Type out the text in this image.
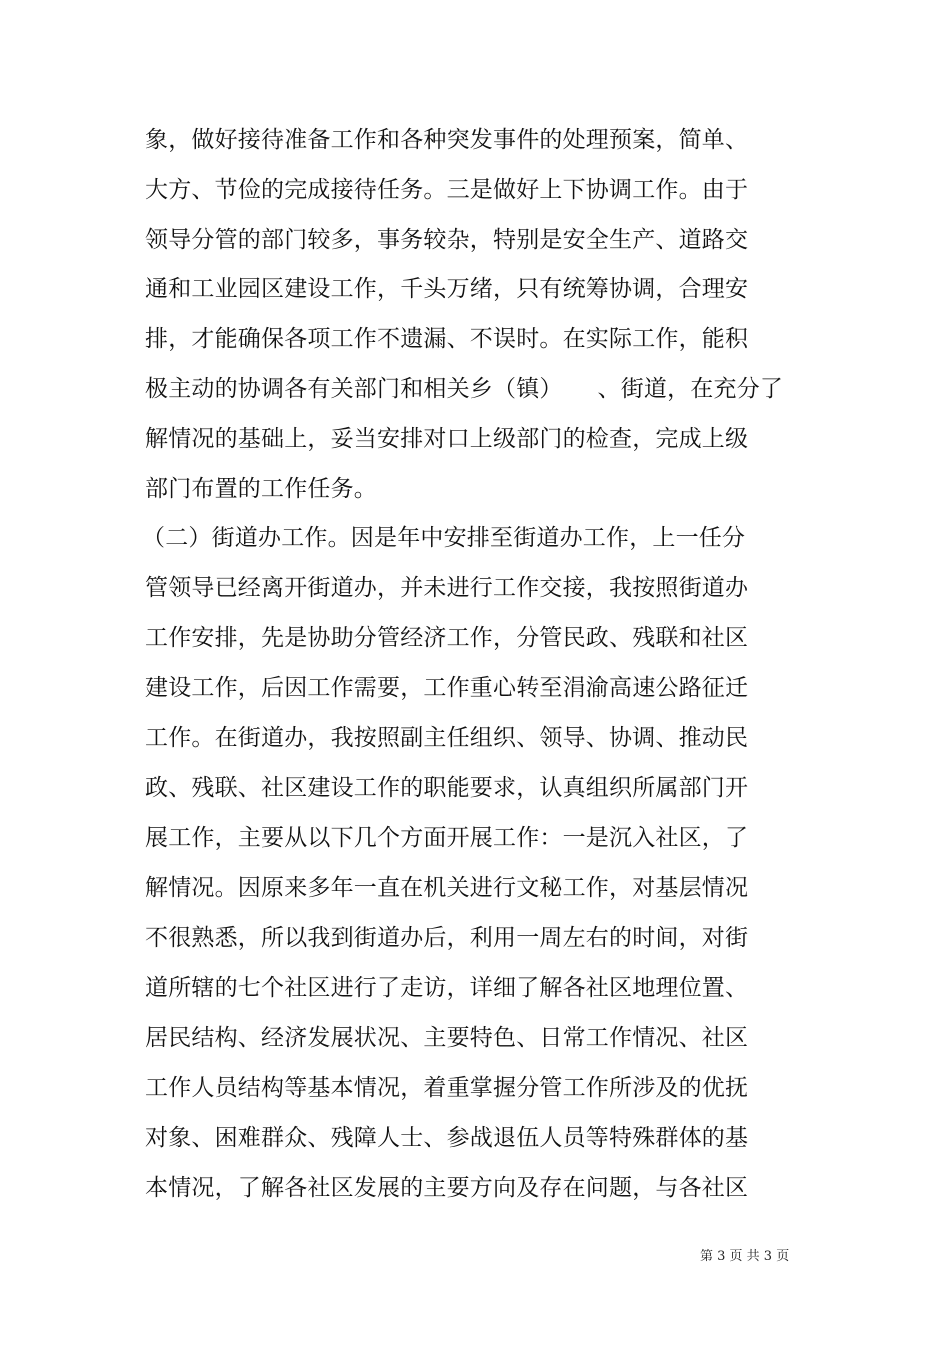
象，做好接待准备工作和各种突发事件的处理预案，简单、
大方、节俭的完成接待任务。三是做好上下协调工作。由于
领导分管的部门较多，事务较杂，特别是安全生产、道路交
通和工业园区建设工作，千头万绪，只有统筹协调，合理安
排，才能确保各项工作不遗漏、不误时。在实际工作，能积
极主动的协调各有关部门和相关乡（镇）　　、街道，在充分了
解情况的基础上，妥当安排对口上级部门的检查，完成上级
部门布置的工作任务。
（二）街道办工作。因是年中安排至街道办工作，上一任分
管领导已经离开街道办，并未进行工作交接，我按照街道办
工作安排，先是协助分管经济工作，分管民政、残联和社区
建设工作，后因工作需要，工作重心转至涓渝高速公路征迁
工作。在街道办，我按照副主任组织、领导、协调、推动民
政、残联、社区建设工作的职能要求，认真组织所属部门开
展工作，主要从以下几个方面开展工作：一是沉入社区，了
解情况。因原来多年一直在机关进行文秘工作，对基层情况
不很熟悉，所以我到街道办后，利用一周左右的时间，对街
道所辖的七个社区进行了走访，详细了解各社区地理位置、
居民结构、经济发展状况、主要特色、日常工作情况、社区
工作人员结构等基本情况，着重掌握分管工作所涉及的优抚
对象、困难群众、残障人士、参战退伍人员等特殊群体的基
本情况，了解各社区发展的主要方向及存在问题，与各社区
第 3 页 共 3 页
